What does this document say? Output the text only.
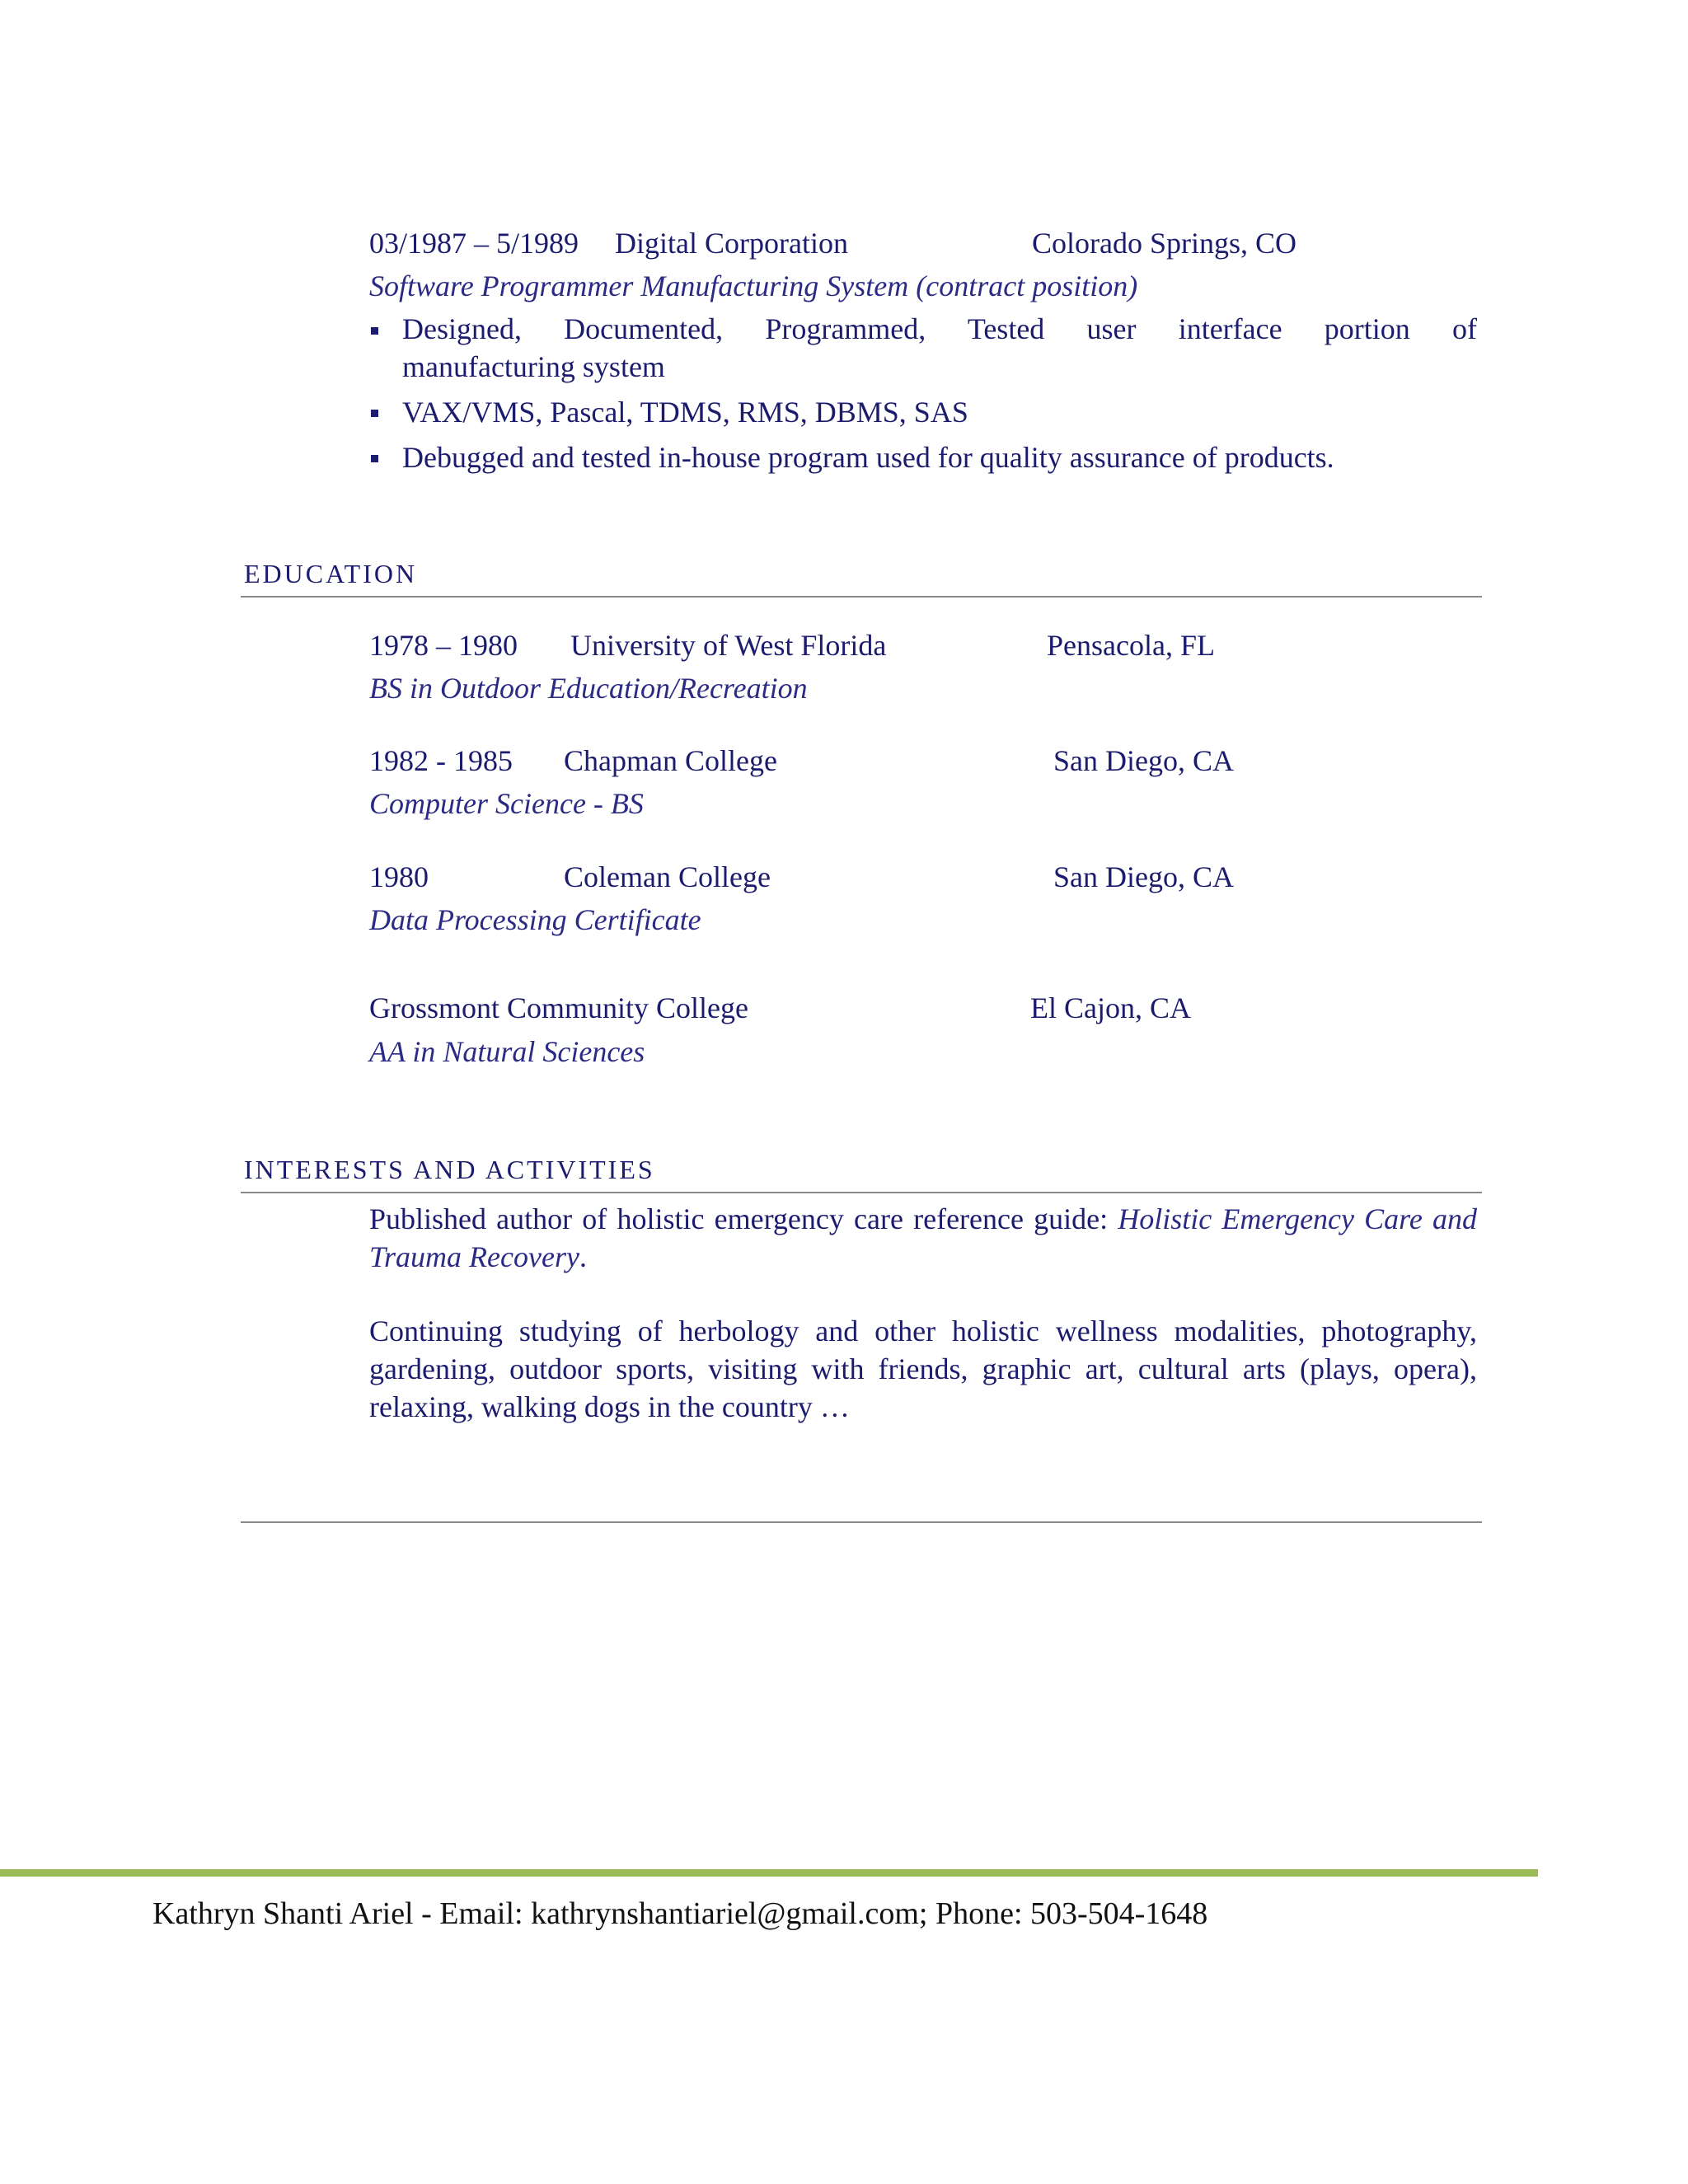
03/1987 – 5/1989 Digital Corporation	Colorado Springs, CO
Software Programmer Manufacturing System (contract position)
Designed, Documented, Programmed, Tested user interface portion of
manufacturing system
VAX/VMS, Pascal, TDMS, RMS, DBMS, SAS
Debugged and tested in-house program used for quality assurance of products.
EDUCATION
1978 – 1980 University of West Florida	Pensacola, FL
BS in Outdoor Education/Recreation
1982 - 1985 Chapman College	San Diego, CA
Computer Science - BS
1980	Coleman College	San Diego, CA
Data Processing Certificate
Grossmont Community College	El Cajon, CA
AA in Natural Sciences
INTERESTS AND ACTIVITIES
Published author of holistic emergency care reference guide: Holistic Emergency Care and Trauma Recovery.
Continuing studying of herbology and other holistic wellness modalities, photography, gardening, outdoor sports, visiting with friends, graphic art, cultural arts (plays, opera), relaxing, walking dogs in the country …
Kathryn Shanti Ariel - Email: kathrynshantiariel@gmail.com; Phone: 503-504-1648
